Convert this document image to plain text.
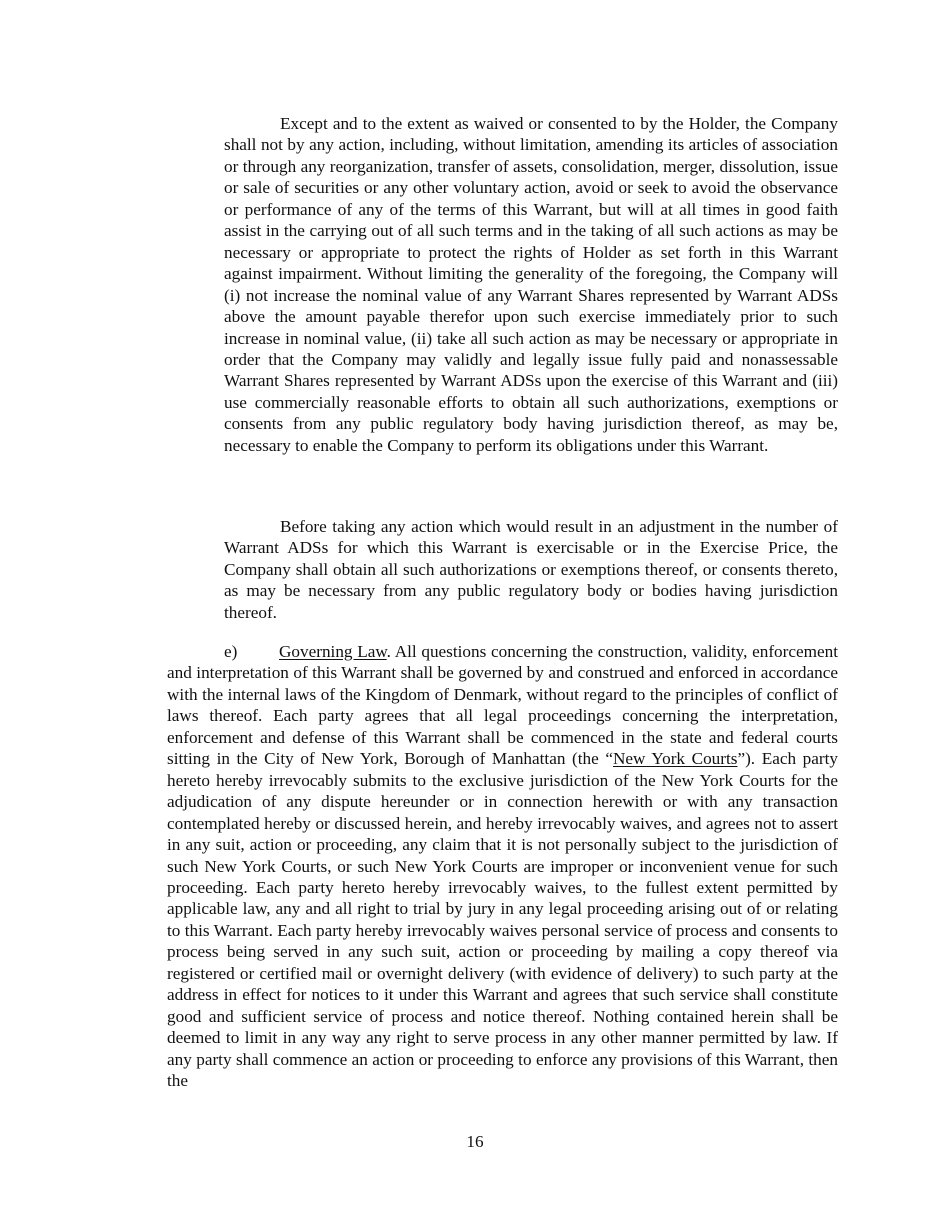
Except and to the extent as waived or consented to by the Holder, the Company shall not by any action, including, without limitation, amending its articles of association or through any reorganization, transfer of assets, consolidation, merger, dissolution, issue or sale of securities or any other voluntary action, avoid or seek to avoid the observance or performance of any of the terms of this Warrant, but will at all times in good faith assist in the carrying out of all such terms and in the taking of all such actions as may be necessary or appropriate to protect the rights of Holder as set forth in this Warrant against impairment. Without limiting the generality of the foregoing, the Company will (i) not increase the nominal value of any Warrant Shares represented by Warrant ADSs above the amount payable therefor upon such exercise immediately prior to such increase in nominal value, (ii) take all such action as may be necessary or appropriate in order that the Company may validly and legally issue fully paid and nonassessable Warrant Shares represented by Warrant ADSs upon the exercise of this Warrant and (iii) use commercially reasonable efforts to obtain all such authorizations, exemptions or consents from any public regulatory body having jurisdiction thereof, as may be, necessary to enable the Company to perform its obligations under this Warrant.

Before taking any action which would result in an adjustment in the number of Warrant ADSs for which this Warrant is exercisable or in the Exercise Price, the Company shall obtain all such authorizations or exemptions thereof, or consents thereto, as may be necessary from any public regulatory body or bodies having jurisdiction thereof.

e) Governing Law. All questions concerning the construction, validity, enforcement and interpretation of this Warrant shall be governed by and construed and enforced in accordance with the internal laws of the Kingdom of Denmark, without regard to the principles of conflict of laws thereof. Each party agrees that all legal proceedings concerning the interpretation, enforcement and defense of this Warrant shall be commenced in the state and federal courts sitting in the City of New York, Borough of Manhattan (the “New York Courts”). Each party hereto hereby irrevocably submits to the exclusive jurisdiction of the New York Courts for the adjudication of any dispute hereunder or in connection herewith or with any transaction contemplated hereby or discussed herein, and hereby irrevocably waives, and agrees not to assert in any suit, action or proceeding, any claim that it is not personally subject to the jurisdiction of such New York Courts, or such New York Courts are improper or inconvenient venue for such proceeding. Each party hereto hereby irrevocably waives, to the fullest extent permitted by applicable law, any and all right to trial by jury in any legal proceeding arising out of or relating to this Warrant. Each party hereby irrevocably waives personal service of process and consents to process being served in any such suit, action or proceeding by mailing a copy thereof via registered or certified mail or overnight delivery (with evidence of delivery) to such party at the address in effect for notices to it under this Warrant and agrees that such service shall constitute good and sufficient service of process and notice thereof. Nothing contained herein shall be deemed to limit in any way any right to serve process in any other manner permitted by law. If any party shall commence an action or proceeding to enforce any provisions of this Warrant, then the

16
